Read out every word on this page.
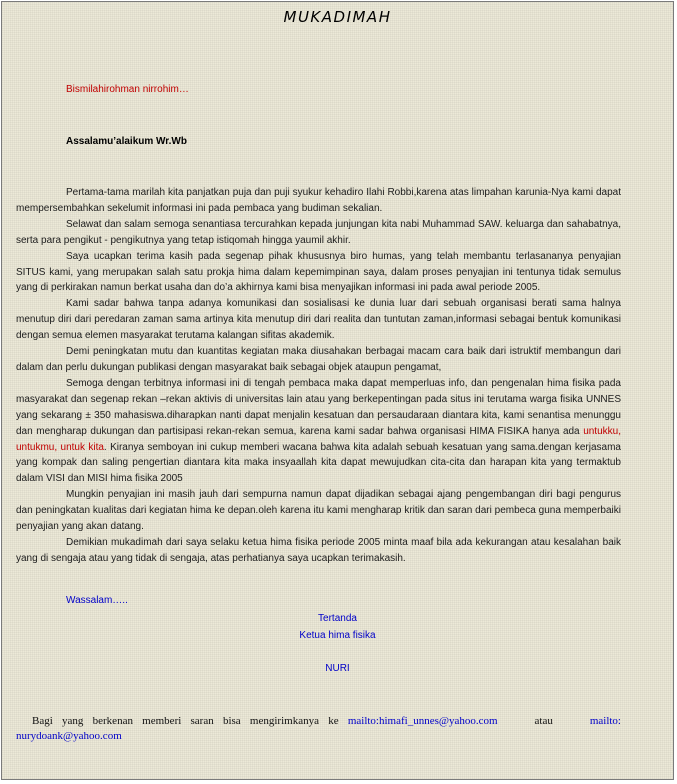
MUKADIMAH
Bismilahirohman nirrohim…
Assalamu’alaikum Wr.Wb

Pertama-tama marilah kita panjatkan puja dan puji syukur kehadiro Ilahi Robbi,karena atas limpahan karunia-Nya kami dapat mempersembahkan sekelumit informasi ini pada pembaca yang budiman sekalian.

Selawat dan salam semoga senantiasa tercurahkan kepada junjungan kita nabi Muhammad SAW. keluarga dan sahabatnya, serta para pengikut - pengikutnya yang tetap istiqomah hingga yaumil akhir.

Saya ucapkan terima kasih pada segenap pihak khususnya biro humas, yang telah membantu terlasananya penyajian SITUS kami, yang merupakan salah satu prokja hima dalam kepemimpinan saya, dalam proses penyajian ini tentunya tidak semulus yang di perkirakan namun berkat usaha dan do’a akhirnya kami bisa menyajikan informasi ini pada awal periode 2005.

Kami sadar bahwa tanpa adanya komunikasi dan sosialisasi ke dunia luar dari sebuah organisasi berati sama halnya menutup diri dari peredaran zaman sama artinya kita menutup diri dari realita dan tuntutan zaman,informasi sebagai bentuk komunikasi dengan semua elemen masyarakat terutama kalangan sifitas akademik.

Demi peningkatan mutu dan kuantitas kegiatan maka diusahakan berbagai macam cara baik dari istruktif membangun dari dalam dan perlu dukungan publikasi dengan masyarakat baik sebagai objek ataupun pengamat,

Semoga dengan terbitnya informasi ini di tengah pembaca maka dapat memperluas info, dan pengenalan hima fisika pada masyarakat dan segenap rekan –rekan aktivis di universitas lain atau yang berkepentingan pada situs ini terutama warga fisika UNNES yang sekarang ± 350 mahasiswa.diharapkan nanti dapat menjalin kesatuan dan persaudaraan diantara kita, kami senantisa menunggu dan mengharap dukungan dan partisipasi rekan-rekan semua, karena kami sadar bahwa organisasi HIMA FISIKA hanya ada untukku, untukmu, untuk kita. Kiranya semboyan ini cukup memberi wacana bahwa kita adalah sebuah kesatuan yang sama.dengan kerjasama yang kompak dan saling pengertian diantara kita maka insyaallah kita dapat mewujudkan cita-cita dan harapan kita yang termaktub dalam VISI dan MISI hima fisika 2005

Mungkin penyajian ini masih jauh dari sempurna namun dapat dijadikan sebagai ajang pengembangan diri bagi pengurus dan peningkatan kualitas dari kegiatan hima ke depan.oleh karena itu kami mengharap kritik dan saran dari pembeca guna memperbaiki penyajian yang akan datang.

Demikian mukadimah dari saya selaku ketua hima fisika periode 2005 minta maaf bila ada kekurangan atau kesalahan baik yang di sengaja atau yang tidak di sengaja, atas perhatianya saya ucapkan terimakasih.

Wassalam…..
Tertanda
Ketua hima fisika
NURI
Bagi yang berkenan memberi saran bisa mengirimkanya ke mailto:himafi_unnes@yahoo.com    atau    mailto: nurydoank@yahoo.com
